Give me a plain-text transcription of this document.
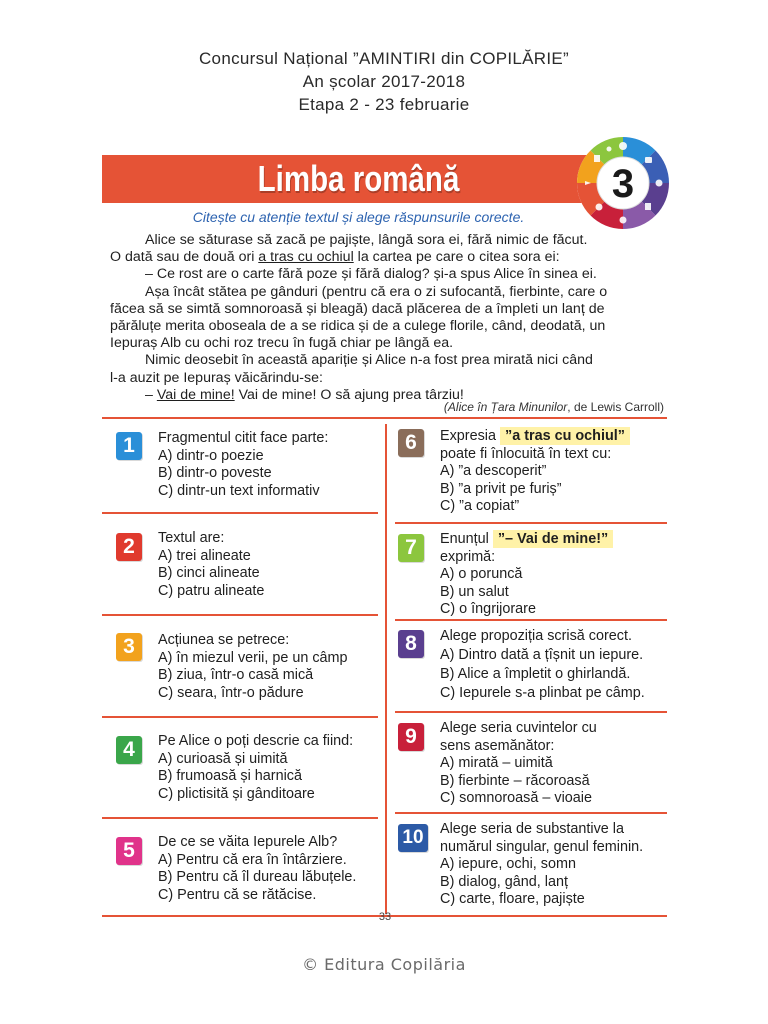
Concursul Național ”AMINTIRI din COPILĂRIE”
An școlar 2017-2018
Etapa 2 - 23 februarie
Limba română	3
Citește cu atenție textul și alege răspunsurile corecte.
Alice se săturase să zacă pe pajiște, lângă sora ei, fără nimic de făcut.
O dată sau de două ori a tras cu ochiul la cartea pe care o citea sora ei:
– Ce rost are o carte fără poze și fără dialog? și-a spus Alice în sinea ei.
Așa încât stătea pe gânduri (pentru că era o zi sufocantă, fierbinte, care o
făcea să se simtă somnoroasă și bleagă) dacă plăcerea de a împleti un lanț de
părăluțe merita oboseala de a se ridica și de a culege florile, când, deodată, un
Iepuraș Alb cu ochi roz trecu în fugă chiar pe lângă ea.
Nimic deosebit în această apariție și Alice n-a fost prea mirată nici când
l-a auzit pe Iepuraș văicărindu-se:
– Vai de mine! Vai de mine! O să ajung prea târziu!
(Alice în Țara Minunilor, de Lewis Carroll)
1	Fragmentul citit face parte:
A) dintr-o poezie
B) dintr-o poveste
C) dintr-un text informativ
2	Textul are:
A) trei alineate
B) cinci alineate
C) patru alineate
3	Acțiunea se petrece:
A) în miezul verii, pe un câmp
B) ziua, într-o casă mică
C) seara, într-o pădure
4	Pe Alice o poți descrie ca fiind:
A) curioasă și uimită
B) frumoasă și harnică
C) plictisită și gânditoare
5	De ce se văita Iepurele Alb?
A) Pentru că era în întârziere.
B) Pentru că îl dureau lăbuțele.
C) Pentru că se rătăcise.
6	Expresia ”a tras cu ochiul”
poate fi înlocuită în text cu:
A) ”a descoperit”
B) ”a privit pe furiș”
C) ”a copiat”
7	Enunțul ”– Vai de mine!”
exprimă:
A) o poruncă
B) un salut
C) o îngrijorare
8	Alege propoziția scrisă corect.
A) Dintro dată a țîșnit un iepure.
B) Alice a împletit o ghirlandă.
C) Iepurele s-a plinbat pe câmp.
9	Alege seria cuvintelor cu
sens asemănător:
A) mirată – uimită
B) fierbinte – răcoroasă
C) somnoroasă – vioaie
10	Alege seria de substantive la
numărul singular, genul feminin.
A) iepure, ochi, somn
B) dialog, gând, lanț
C) carte, floare, pajiște
33
© Editura Copilăria
